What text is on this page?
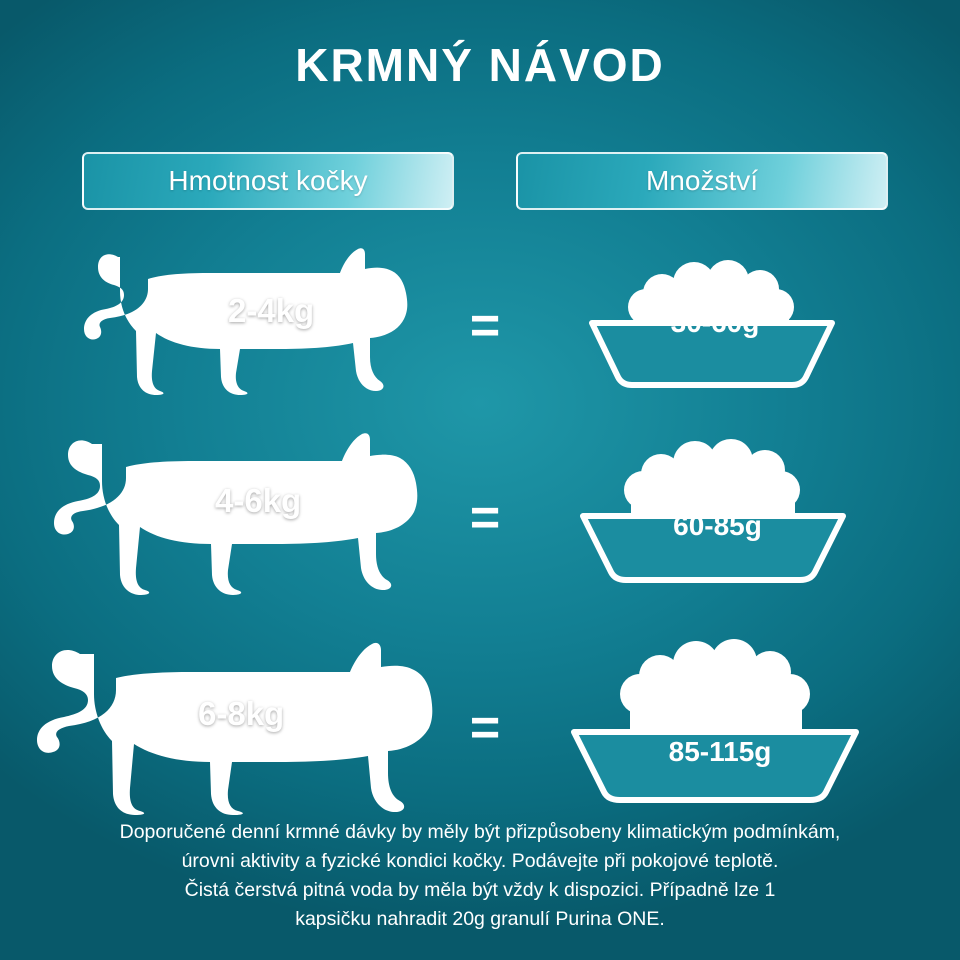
KRMNÝ NÁVOD
Hmotnost kočky	Množství
2-4kg	=	30-60g
4-6kg	=	60-85g
6-8kg	=	85-115g

Doporučené denní krmné dávky by měly být přizpůsobeny klimatickým podmínkám,

úrovni aktivity a fyzické kondici kočky. Podávejte při pokojové teplotě.

Čistá čerstvá pitná voda by měla být vždy k dispozici. Případně lze 1

kapsičku nahradit 20g granulí Purina ONE.
